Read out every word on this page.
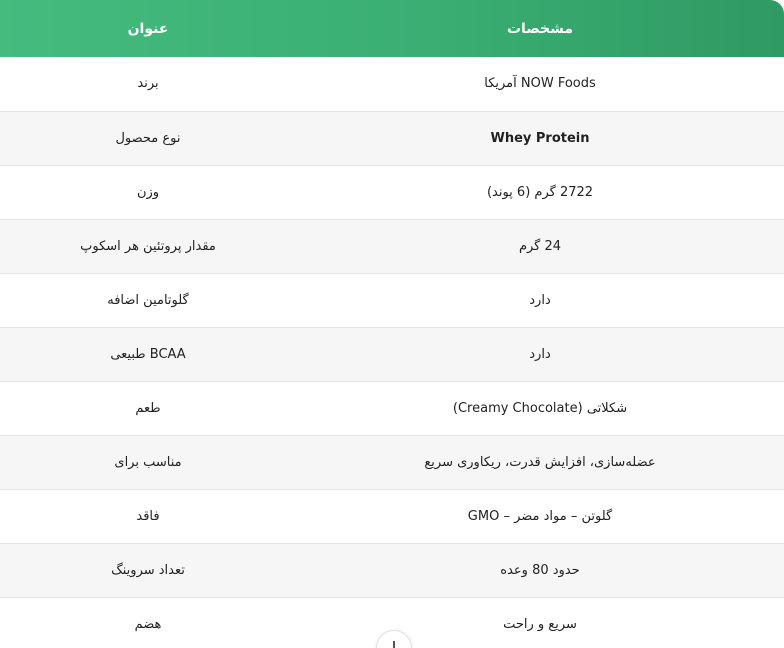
عنوان	مشخصات
برند	NOW Foods آمریکا
نوع محصول	Whey Protein
وزن	2722 گرم (6 پوند)
مقدار پروتئین هر اسکوپ	24 گرم
گلوتامین اضافه	دارد
BCAA طبیعی	دارد
طعم	شکلاتی (Creamy Chocolate)
مناسب برای	عضله‌سازی، افزایش قدرت، ریکاوری سریع
فاقد	گلوتن – مواد مضر – GMO
تعداد سروینگ	حدود 80 وعده
هضم	سریع و راحت
